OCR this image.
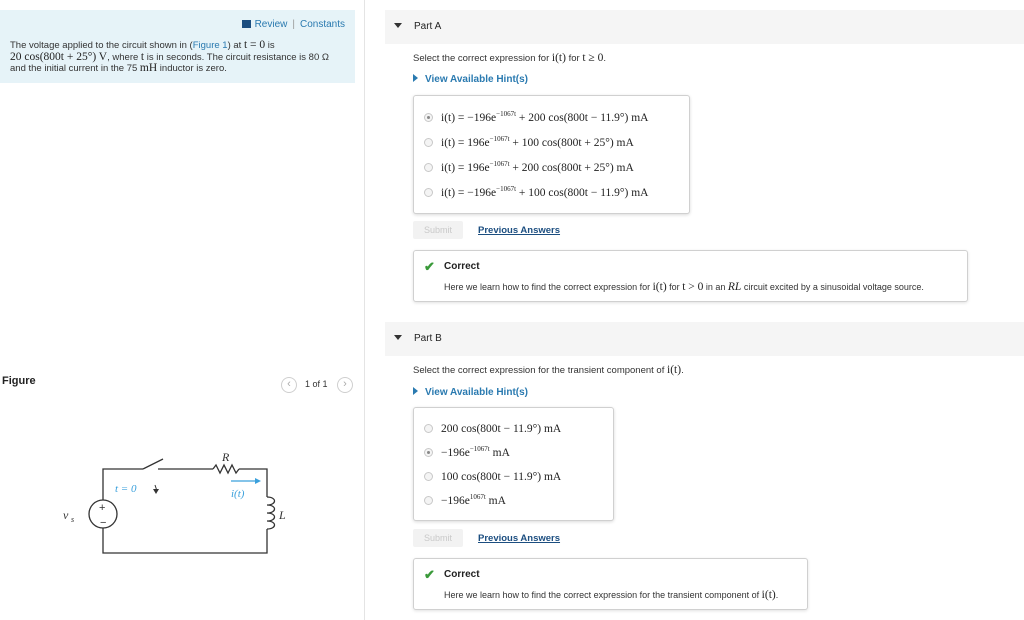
Review | Constants
The voltage applied to the circuit shown in (Figure 1) at t = 0 is
20 cos(800t + 25°) V, where t is in seconds. The circuit resistance is 80 Ω
and the initial current in the 75 mH inductor is zero.
Figure	‹	1 of 1	›
t = 0
R
i(t)
L
v s
+
−
Part A
Select the correct expression for i(t) for t ≥ 0.
View Available Hint(s)
$i(t) = -196e^{-1067t} + 200$ cos(800t − 11.9°) mA
$i(t) = 196e^{-1067t} + 100$ cos(800t + 25°) mA
$i(t) = 196e^{-1067t} + 200$ cos(800t + 25°) mA
$i(t) = -196e^{-1067t} + 100$ cos(800t − 11.9°) mA
Submit	Previous Answers
✔ Correct
Here we learn how to find the correct expression for i(t) for t > 0 in an RL circuit excited by a sinusoidal voltage source.
Part B
Select the correct expression for the transient component of i(t).
View Available Hint(s)
200 cos(800t − 11.9°) mA
$-196e^{-1067t}$ mA
100 cos(800t − 11.9°) mA
$-196e^{1067t}$ mA
Submit	Previous Answers
✔ Correct
Here we learn how to find the correct expression for the transient component of i(t).
